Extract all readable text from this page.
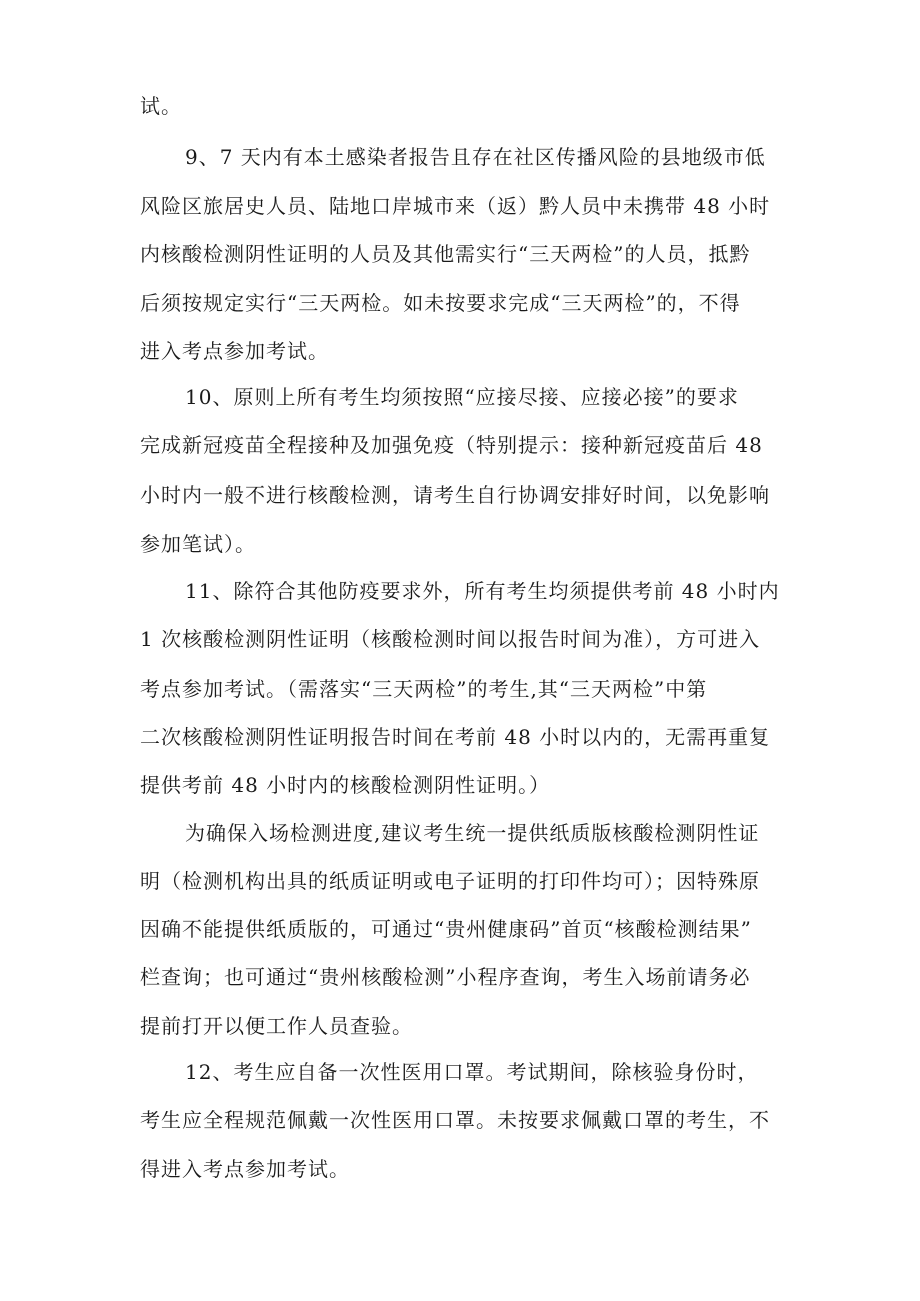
试。
9、7 天内有本土感染者报告且存在社区传播风险的县地级市低
风险区旅居史人员、陆地口岸城市来（返）黔人员中未携带 48 小时
内核酸检测阴性证明的人员及其他需实行“三天两检”的人员，抵黔
后须按规定实行“三天两检。如未按要求完成“三天两检”的，不得
进入考点参加考试。
10、原则上所有考生均须按照“应接尽接、应接必接”的要求
完成新冠疫苗全程接种及加强免疫（特别提示：接种新冠疫苗后 48
小时内一般不进行核酸检测，请考生自行协调安排好时间，以免影响
参加笔试）。
11、除符合其他防疫要求外，所有考生均须提供考前 48 小时内
1 次核酸检测阴性证明（核酸检测时间以报告时间为准），方可进入
考点参加考试。（需落实“三天两检”的考生,其“三天两检”中第
二次核酸检测阴性证明报告时间在考前 48 小时以内的，无需再重复
提供考前 48 小时内的核酸检测阴性证明。）
为确保入场检测进度,建议考生统一提供纸质版核酸检测阴性证
明（检测机构出具的纸质证明或电子证明的打印件均可）；因特殊原
因确不能提供纸质版的，可通过“贵州健康码”首页“核酸检测结果”
栏查询；也可通过“贵州核酸检测”小程序查询，考生入场前请务必
提前打开以便工作人员查验。
12、考生应自备一次性医用口罩。考试期间，除核验身份时，
考生应全程规范佩戴一次性医用口罩。未按要求佩戴口罩的考生，不
得进入考点参加考试。
